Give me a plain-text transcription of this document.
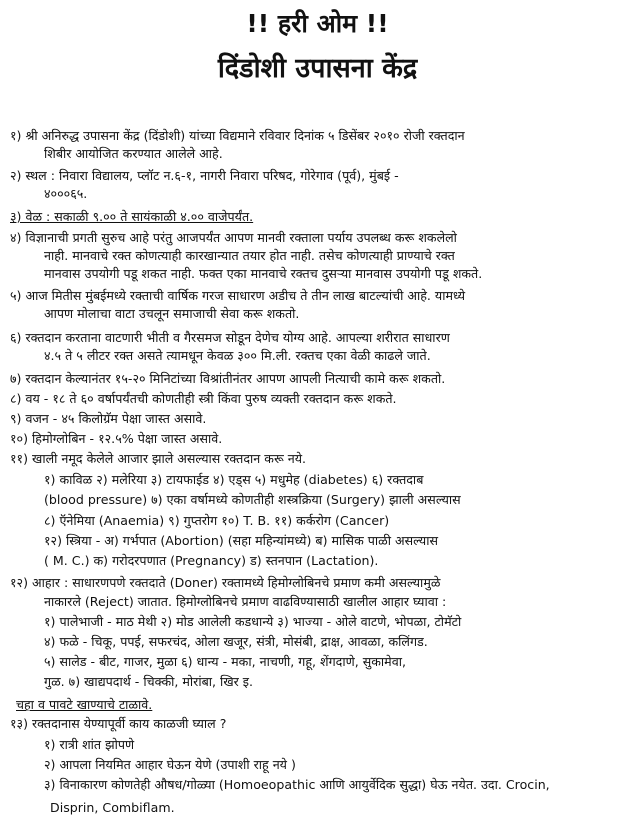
!! हरी ओम !!
दिंडोशी उपासना केंद्र
१) श्री अनिरुद्ध उपासना केंद्र (दिंडोशी) यांच्या विद्यमाने रविवार दिनांक ५ डिसेंबर २०१० रोजी रक्तदान
शिबीर आयोजित करण्यात आलेले आहे.
२) स्थल : निवारा विद्यालय, प्लॉट न.६-१, नागरी निवारा परिषद, गोरेगाव (पूर्व), मुंबई -
४०००६५.
३) वेळ : सकाळी ९.०० ते सायंकाळी ४.०० वाजेपर्यंत.
४) विज्ञानाची प्रगती सुरुच आहे परंतु आजपर्यंत आपण मानवी रक्ताला पर्याय उपलब्ध करू शकलेलो
नाही. मानवाचे रक्त कोणत्याही कारखान्यात तयार होत नाही. तसेच कोणत्याही प्राण्याचे रक्त
मानवास उपयोगी पडू शकत नाही. फक्त एका मानवाचे रक्तच दुसऱ्या मानवास उपयोगी पडू शकते.
५) आज मितीस मुंबईमध्ये रक्ताची वार्षिक गरज साधारण अडीच ते तीन लाख बाटल्यांची आहे. यामध्ये
आपण मोलाचा वाटा उचलून समाजाची सेवा करू शकतो.
६) रक्तदान करताना वाटणारी भीती व गैरसमज सोडून देणेच योग्य आहे. आपल्या शरीरात साधारण
४.५ ते ५ लीटर रक्त असते त्यामधून केवळ ३०० मि.ली. रक्तच एका वेळी काढले जाते.
७) रक्तदान केल्यानंतर १५-२० मिनिटांच्या विश्रांतीनंतर आपण आपली नित्याची कामे करू शकतो.
८) वय - १८ ते ६० वर्षापर्यंतची कोणतीही स्त्री किंवा पुरुष व्यक्ती रक्तदान करू शकते.
९) वजन - ४५ किलोग्रॅम पेक्षा जास्त असावे.
१०) हिमोग्लोबिन - १२.५% पेक्षा जास्त असावे.
११) खाली नमूद केलेले आजार झाले असल्यास रक्तदान करू नये.
१) काविळ २) मलेरिया ३) टायफाईड ४) एड्स ५) मधुमेह (diabetes) ६) रक्तदाब
(blood pressure) ७) एका वर्षामध्ये कोणतीही शस्त्रक्रिया (Surgery) झाली असल्यास
८) ऍनेमिया (Anaemia) ९) गुप्तरोग १०) T. B. ११) कर्करोग (Cancer)
१२) स्त्रिया - अ) गर्भपात (Abortion) (सहा महिन्यांमध्ये) ब) मासिक पाळी असल्यास
( M. C.) क) गरोदरपणात (Pregnancy) ड) स्तनपान (Lactation).
१२) आहार : साधारणपणे रक्तदाते (Doner) रक्तामध्ये हिमोग्लोबिनचे प्रमाण कमी असल्यामुळे
नाकारले (Reject) जातात. हिमोग्लोबिनचे प्रमाण वाढविण्यासाठी खालील आहार घ्यावा :
१) पालेभाजी - माठ मेथी २) मोड आलेली कडधान्ये ३) भाज्या - ओले वाटणे, भोपळा, टोमॅटो
४) फळे - चिकू, पपई, सफरचंद, ओला खजूर, संत्री, मोसंबी, द्राक्ष, आवळा, कलिंगड.
५) सालेड - बीट, गाजर, मुळा ६) धान्य - मका, नाचणी, गहू, शेंगदाणे, सुकामेवा,
गुळ. ७) खाद्यपदार्थ - चिक्की, मोरांबा, खिर इ.
चहा व पावटे खाण्याचे टाळावे.
१३) रक्तदानास येण्यापूर्वी काय काळजी घ्याल ?
१) रात्री शांत झोपणे
२) आपला नियमित आहार घेऊन येणे (उपाशी राहू नये )
३) विनाकारण कोणतेही औषध/गोळ्या (Homoeopathic आणि आयुर्वेदिक सुद्धा) घेऊ नयेत. उदा. Crocin,
Disprin, Combiflam.
